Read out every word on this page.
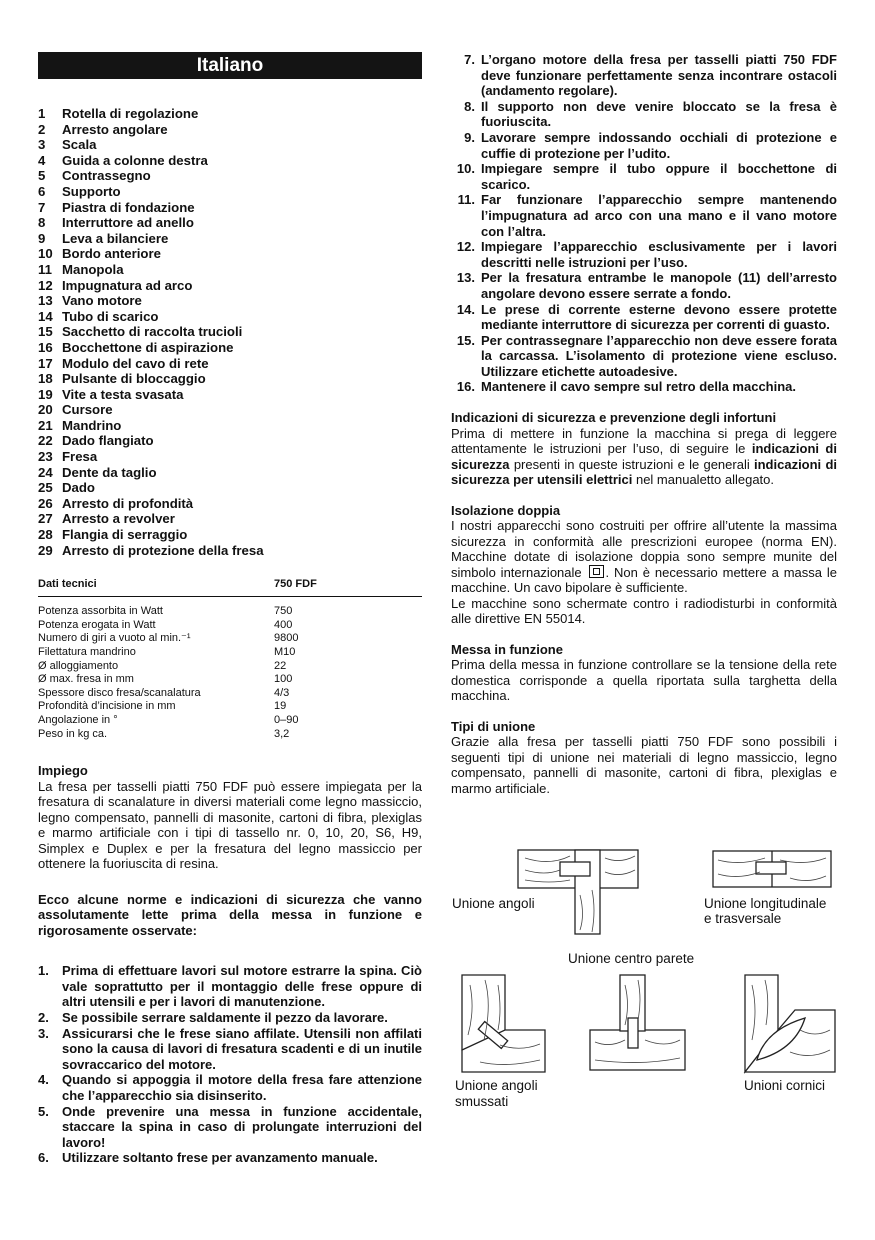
Italiano
1	Rotella di regolazione
2	Arresto angolare
3	Scala
4	Guida a colonne destra
5	Contrassegno
6	Supporto
7	Piastra di fondazione
8	Interruttore ad anello
9	Leva a bilanciere
10 Bordo anteriore
11 Manopola
12 Impugnatura ad arco
13 Vano motore
14 Tubo di scarico
15 Sacchetto di raccolta trucioli
16 Bocchettone di aspirazione
17 Modulo del cavo di rete
18 Pulsante di bloccaggio
19 Vite a testa svasata
20 Cursore
21 Mandrino
22 Dado flangiato
23 Fresa
24 Dente da taglio
25 Dado
26 Arresto di profondità
27 Arresto a revolver
28 Flangia di serraggio
29 Arresto di protezione della fresa
Dati tecnici	750 FDF
Potenza assorbita in Watt	750
Potenza erogata in Watt	400
Numero di giri a vuoto al min.⁻¹	9800
Filettatura mandrino	M10
Ø alloggiamento	22
Ø max. fresa in mm	100
Spessore disco fresa/scanalatura	4/3
Profondità d’incisione in mm	19
Angolazione in °	0–90
Peso in kg ca.	3,2
Impiego

La fresa per tasselli piatti 750 FDF può essere impiegata per la fresatura di scanalature in diversi materiali come legno massiccio, legno compensato, pannelli di masonite, cartoni di fibra, plexiglas e marmo artificiale con i tipi di tassello nr. 0, 10, 20, S6, H9, Simplex e Duplex e per la fresatura del legno massiccio per ottenere la fuoriuscita di resina.

Ecco alcune norme e indicazioni di sicurezza che vanno assolutamente lette prima della messa in funzione e rigorosamente osservate:
1.	Prima di effettuare lavori sul motore estrarre la spina. Ciò vale soprattutto per il montaggio delle frese oppure di altri utensili e per i lavori di manutenzione.
2.	Se possibile serrare saldamente il pezzo da lavorare.
3.	Assicurarsi che le frese siano affilate. Utensili non affilati sono la causa di lavori di fresatura scadenti e di un inutile sovraccarico del motore.
4.	Quando si appoggia il motore della fresa fare attenzione che l’apparecchio sia disinserito.
5.	Onde prevenire una messa in funzione accidentale, staccare la spina in caso di prolungate interruzioni del lavoro!
6.	Utilizzare soltanto frese per avanzamento manuale.
7. L’organo motore della fresa per tasselli piatti 750 FDF deve funzionare perfettamente senza incontrare ostacoli (andamento regolare).
8. Il supporto non deve venire bloccato se la fresa è fuoriuscita.
9. Lavorare sempre indossando occhiali di protezione e cuffie di protezione per l’udito.
10. Impiegare sempre il tubo oppure il bocchettone di scarico.
11. Far funzionare l’apparecchio sempre mantenendo l’impugnatura ad arco con una mano e il vano motore con l’altra.
12. Impiegare l’apparecchio esclusivamente per i lavori descritti nelle istruzioni per l’uso.
13. Per la fresatura entrambe le manopole (11) dell’arresto angolare devono essere serrate a fondo.
14. Le prese di corrente esterne devono essere protette mediante interruttore di sicurezza per correnti di guasto.
15. Per contrassegnare l’apparecchio non deve essere forata la carcassa. L’isolamento di protezione viene escluso. Utilizzare etichette autoadesive.
16. Mantenere il cavo sempre sul retro della macchina.
Indicazioni di sicurezza e prevenzione degli infortuni

Prima di mettere in funzione la macchina si prega di leggere attentamente le istruzioni per l’uso, di seguire le indicazioni di sicurezza presenti in queste istruzioni e le generali indicazioni di sicurezza per utensili elettrici nel manualetto allegato.

Isolazione doppia

I nostri apparecchi sono costruiti per offrire all’utente la massima sicurezza in conformità alle prescrizioni europee (norma EN). Macchine dotate di isolazione doppia sono sempre munite del simbolo internazionale . Non è necessario mettere a massa le macchine. Un cavo bipolare è sufficiente.

Le macchine sono schermate contro i radiodisturbi in conformità alle direttive EN 55014.

Messa in funzione

Prima della messa in funzione controllare se la tensione della rete domestica corrisponde a quella riportata sulla targhetta della macchina.

Tipi di unione

Grazie alla fresa per tasselli piatti 750 FDF sono possibili i seguenti tipi di unione nei materiali di legno massiccio, legno compensato, pannelli di masonite, cartoni di fibra, plexiglas e marmo artificiale.

Unione angoli	Unione longitudinale
e trasversale
Unione centro parete
Unione angoli
smussati
Unioni cornici
